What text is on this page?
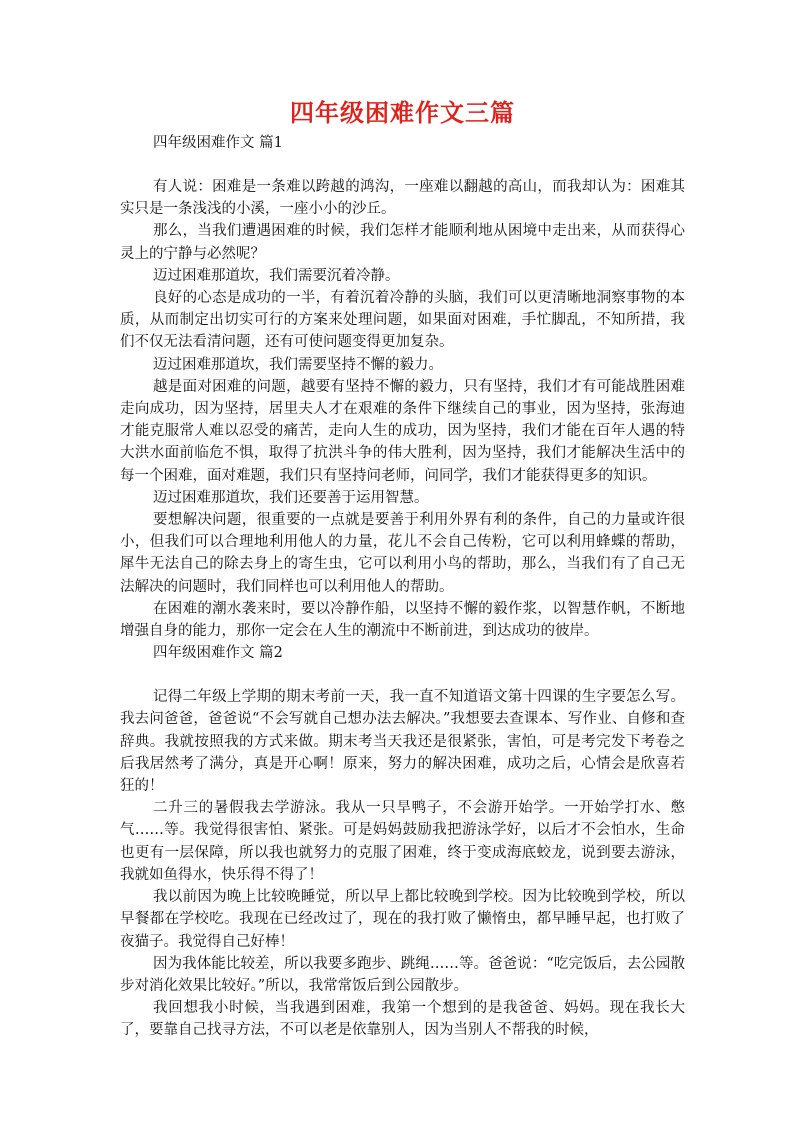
四年级困难作文三篇
四年级困难作文 篇1

有人说：困难是一条难以跨越的鸿沟，一座难以翻越的高山，而我却认为：困难其实只是一条浅浅的小溪，一座小小的沙丘。

那么，当我们遭遇困难的时候，我们怎样才能顺利地从困境中走出来，从而获得心灵上的宁静与必然呢？

迈过困难那道坎，我们需要沉着冷静。

良好的心态是成功的一半，有着沉着冷静的头脑，我们可以更清晰地洞察事物的本质，从而制定出切实可行的方案来处理问题，如果面对困难，手忙脚乱，不知所措，我们不仅无法看清问题，还有可使问题变得更加复杂。

迈过困难那道坎，我们需要坚持不懈的毅力。

越是面对困难的问题，越要有坚持不懈的毅力，只有坚持，我们才有可能战胜困难走向成功，因为坚持，居里夫人才在艰难的条件下继续自己的事业，因为坚持，张海迪才能克服常人难以忍受的痛苦，走向人生的成功，因为坚持，我们才能在百年人遇的特大洪水面前临危不惧，取得了抗洪斗争的伟大胜利，因为坚持，我们才能解决生活中的每一个困难，面对难题，我们只有坚持问老师，问同学，我们才能获得更多的知识。

迈过困难那道坎，我们还要善于运用智慧。

要想解决问题，很重要的一点就是要善于利用外界有利的条件，自己的力量或许很小，但我们可以合理地利用他人的力量，花儿不会自己传粉，它可以利用蜂蝶的帮助，犀牛无法自己的除去身上的寄生虫，它可以利用小鸟的帮助，那么，当我们有了自己无法解决的问题时，我们同样也可以利用他人的帮助。

在困难的潮水袭来时，要以冷静作船，以坚持不懈的毅作浆，以智慧作帆，不断地增强自身的能力，那你一定会在人生的潮流中不断前进，到达成功的彼岸。

四年级困难作文 篇2

记得二年级上学期的期末考前一天，我一直不知道语文第十四课的生字要怎么写。我去问爸爸，爸爸说“不会写就自己想办法去解决。”我想要去查课本、写作业、自修和查辞典。我就按照我的方式来做。期末考当天我还是很紧张，害怕，可是考完发下考卷之后我居然考了满分，真是开心啊！原来，努力的解决困难，成功之后，心情会是欣喜若狂的！

二升三的暑假我去学游泳。我从一只旱鸭子，不会游开始学。一开始学打水、憋气……等。我觉得很害怕、紧张。可是妈妈鼓励我把游泳学好，以后才不会怕水，生命也更有一层保障，所以我也就努力的克服了困难，终于变成海底蛟龙，说到要去游泳，我就如鱼得水，快乐得不得了！

我以前因为晚上比较晚睡觉，所以早上都比较晚到学校。因为比较晚到学校，所以早餐都在学校吃。我现在已经改过了，现在的我打败了懒惰虫，都早睡早起，也打败了夜猫子。我觉得自己好棒！

因为我体能比较差，所以我要多跑步、跳绳……等。爸爸说：“吃完饭后，去公园散步对消化效果比较好。”所以，我常常饭后到公园散步。

我回想我小时候，当我遇到困难，我第一个想到的是我爸爸、妈妈。现在我长大了，要靠自己找寻方法，不可以老是依靠别人，因为当别人不帮我的时候，
